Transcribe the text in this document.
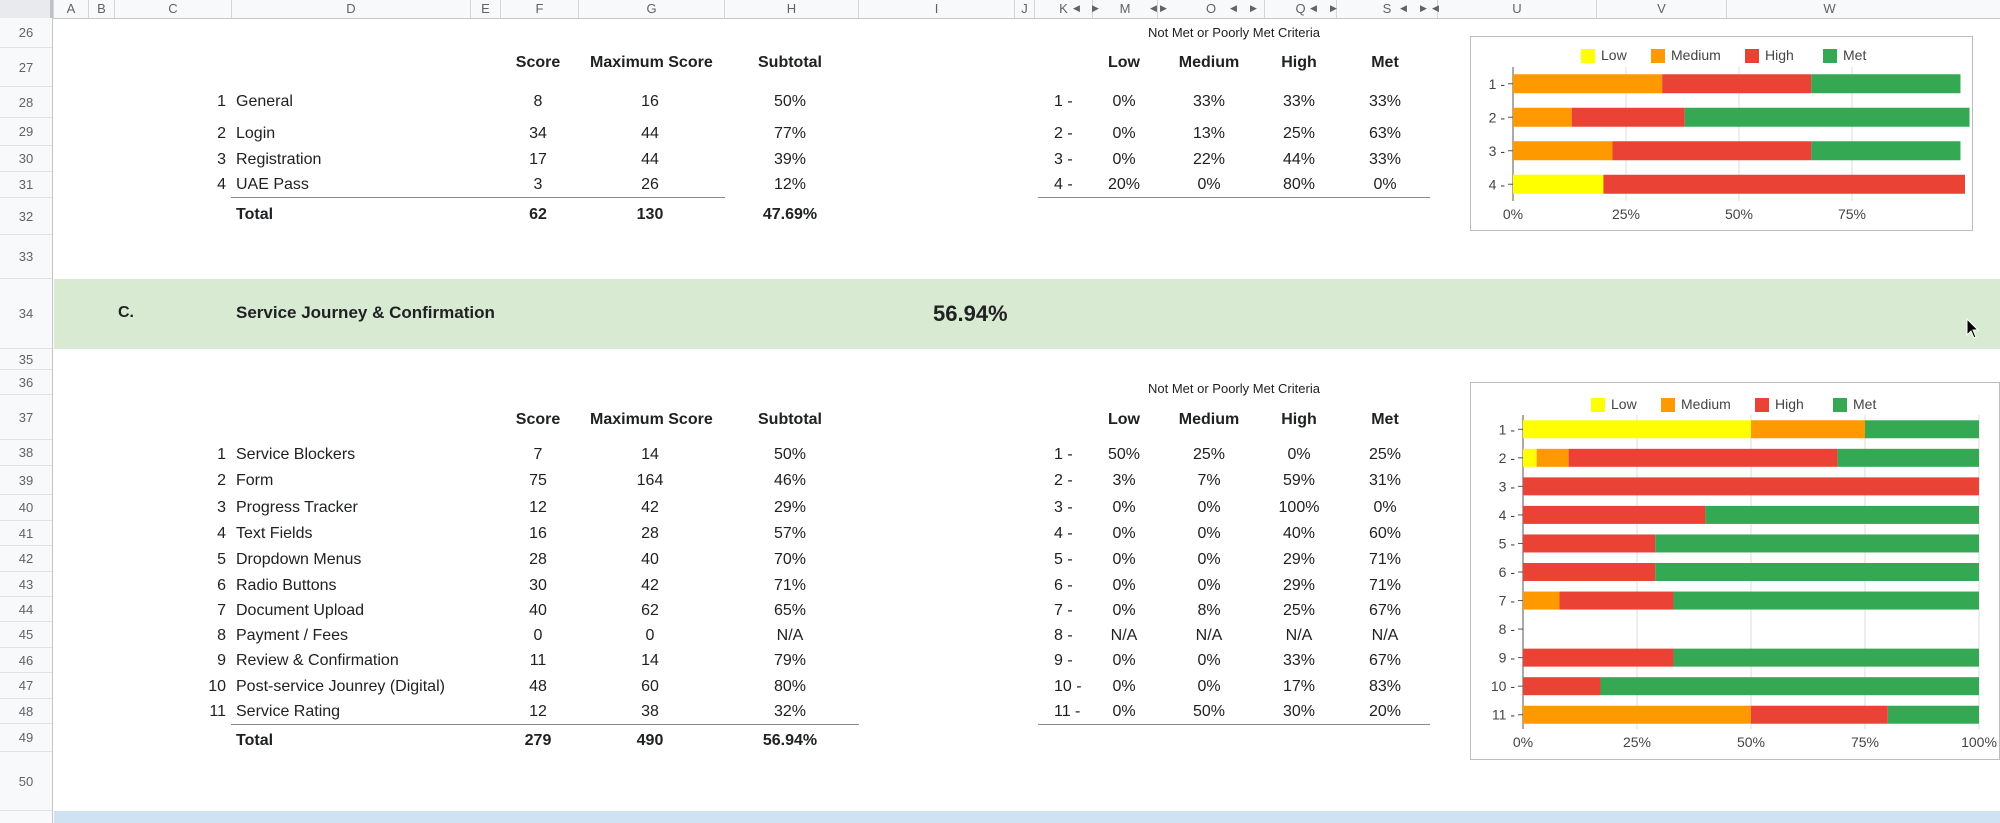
A	B	C	D	E	F	G	H	I	J	K	M	O	Q	S	U	V	W
◀ ▶	◀ ▶	◀ ▶	◀ ▶	◀ ▶ ◀
26
27
28
29
30
31
32
33
34
35
36
37
38
39
40
41
42
43
44
45
46
47
48
49
50
Not Met or Poorly Met Criteria
Score	Maximum Score	Subtotal	Low	Medium	High	Met
1 General	8	16	50%	1 -	0%	33%	33%	33%
2 Login	34	44	77%	2 -	0%	13%	25%	63%
3 Registration	17	44	39%	3 -	0%	22%	44%	33%
4 UAE Pass	3	26	12%	4 -	20%	0%	80%	0%
Total	62	130	47.69%
Not Met or Poorly Met Criteria
Score	Maximum Score	Subtotal	Low	Medium	High	Met
1 Service Blockers	7	14	50%	1 -	50%	25%	0%	25%
2 Form	75	164	46%	2 -	3%	7%	59%	31%
3 Progress Tracker	12	42	29%	3 -	0%	0%	100%	0%
4 Text Fields	16	28	57%	4 -	0%	0%	40%	60%
5 Dropdown Menus	28	40	70%	5 -	0%	0%	29%	71%
6 Radio Buttons	30	42	71%	6 -	0%	0%	29%	71%
7 Document Upload	40	62	65%	7 -	0%	8%	25%	67%
8 Payment / Fees	0	0	N/A	8 -	N/A	N/A	N/A	N/A
9 Review & Confirmation	11	14	79%	9 -	0%	0%	33%	67%
10 Post-service Jounrey (Digital)	48	60	80%	10 -	0%	0%	17%	83%
11 Service Rating	12	38	32%	11 -	0%	50%	30%	20%
Total	279	490	56.94%
C.	Service Journey & Confirmation	56.94%
Low	Medium	High	Met
0%	25%	50%	75%
1 -
2 -
3 -
4 -
Low	Medium	High	Met
0%	25%	50%	75%	100%
1 -
2 -
3 -
4 -
5 -
6 -
7 -
8 -
9 -
10 -
11 -
